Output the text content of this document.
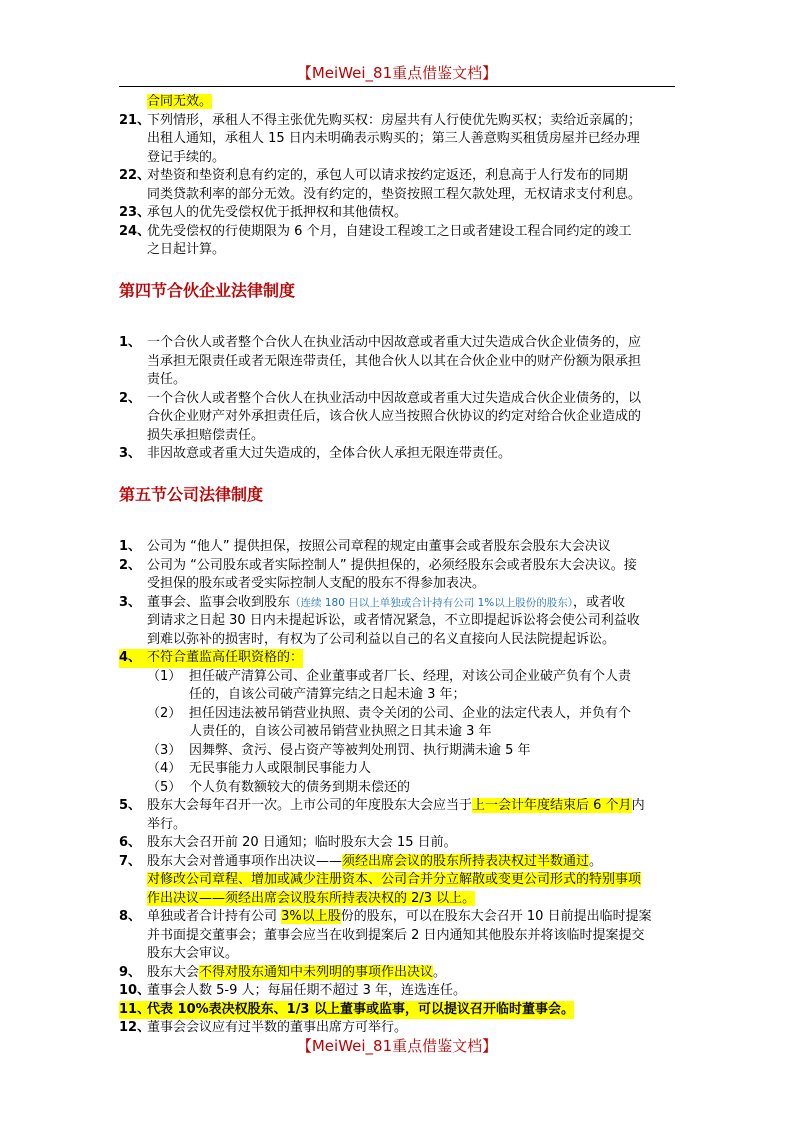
【MeiWei_81重点借鉴文档】
合同无效。
21、
下列情形，承租人不得主张优先购买权：房屋共有人行使优先购买权；卖给近亲属的；
出租人通知，承租人 15 日内未明确表示购买的；第三人善意购买租赁房屋并已经办理
登记手续的。
22、
对垫资和垫资利息有约定的，承包人可以请求按约定返还，利息高于人行发布的同期
同类贷款利率的部分无效。没有约定的，垫资按照工程欠款处理，无权请求支付利息。
23、
承包人的优先受偿权优于抵押权和其他债权。
24、
优先受偿权的行使期限为 6 个月，自建设工程竣工之日或者建设工程合同约定的竣工
之日起计算。
第四节合伙企业法律制度
1、 一个合伙人或者整个合伙人在执业活动中因故意或者重大过失造成合伙企业债务的，应
当承担无限责任或者无限连带责任，其他合伙人以其在合伙企业中的财产份额为限承担
责任。
2、 一个合伙人或者整个合伙人在执业活动中因故意或者重大过失造成合伙企业债务的，以
合伙企业财产对外承担责任后，该合伙人应当按照合伙协议的约定对给合伙企业造成的
损失承担赔偿责任。
3、 非因故意或者重大过失造成的，全体合伙人承担无限连带责任。
第五节公司法律制度
1、 公司为 “他人” 提供担保，按照公司章程的规定由董事会或者股东会股东大会决议
2、 公司为 “公司股东或者实际控制人” 提供担保的，必须经股东会或者股东大会决议。接
受担保的股东或者受实际控制人支配的股东不得参加表决。
3、 董事会、监事会收到股东（连续 180 日以上单独或合计持有公司 1%以上股份的股东），或者收
到请求之日起 30 日内未提起诉讼，或者情况紧急，不立即提起诉讼将会使公司利益收
到难以弥补的损害时，有权为了公司利益以自己的名义直接向人民法院提起诉讼。
4、 不符合董监高任职资格的：
（1） 担任破产清算公司、企业董事或者厂长、经理，对该公司企业破产负有个人责
任的，自该公司破产清算完结之日起未逾 3 年；
（2） 担任因违法被吊销营业执照、责令关闭的公司、企业的法定代表人，并负有个
人责任的，自该公司被吊销营业执照之日其未逾 3 年
（3） 因舞弊、贪污、侵占资产等被判处刑罚、执行期满未逾 5 年
（4） 无民事能力人或限制民事能力人
（5） 个人负有数额较大的债务到期未偿还的
5、 股东大会每年召开一次。上市公司的年度股东大会应当于上一会计年度结束后 6 个月内
举行。
6、 股东大会召开前 20 日通知；临时股东大会 15 日前。
7、 股东大会对普通事项作出决议——须经出席会议的股东所持表决权过半数通过。
对修改公司章程、增加或减少注册资本、公司合并分立解散或变更公司形式的特别事项
作出决议——须经出席会议股东所持表决权的 2/3 以上。
8、 单独或者合计持有公司 3%以上股份的股东，可以在股东大会召开 10 日前提出临时提案
并书面提交董事会；董事会应当在收到提案后 2 日内通知其他股东并将该临时提案提交
股东大会审议。
9、 股东大会不得对股东通知中未列明的事项作出决议。
10、
董事会人数 5-9 人；每届任期不超过 3 年，连选连任。
11、
代表 10%表决权股东、1/3 以上董事或监事，可以提议召开临时董事会。
12、
董事会会议应有过半数的董事出席方可举行。
【MeiWei_81重点借鉴文档】
